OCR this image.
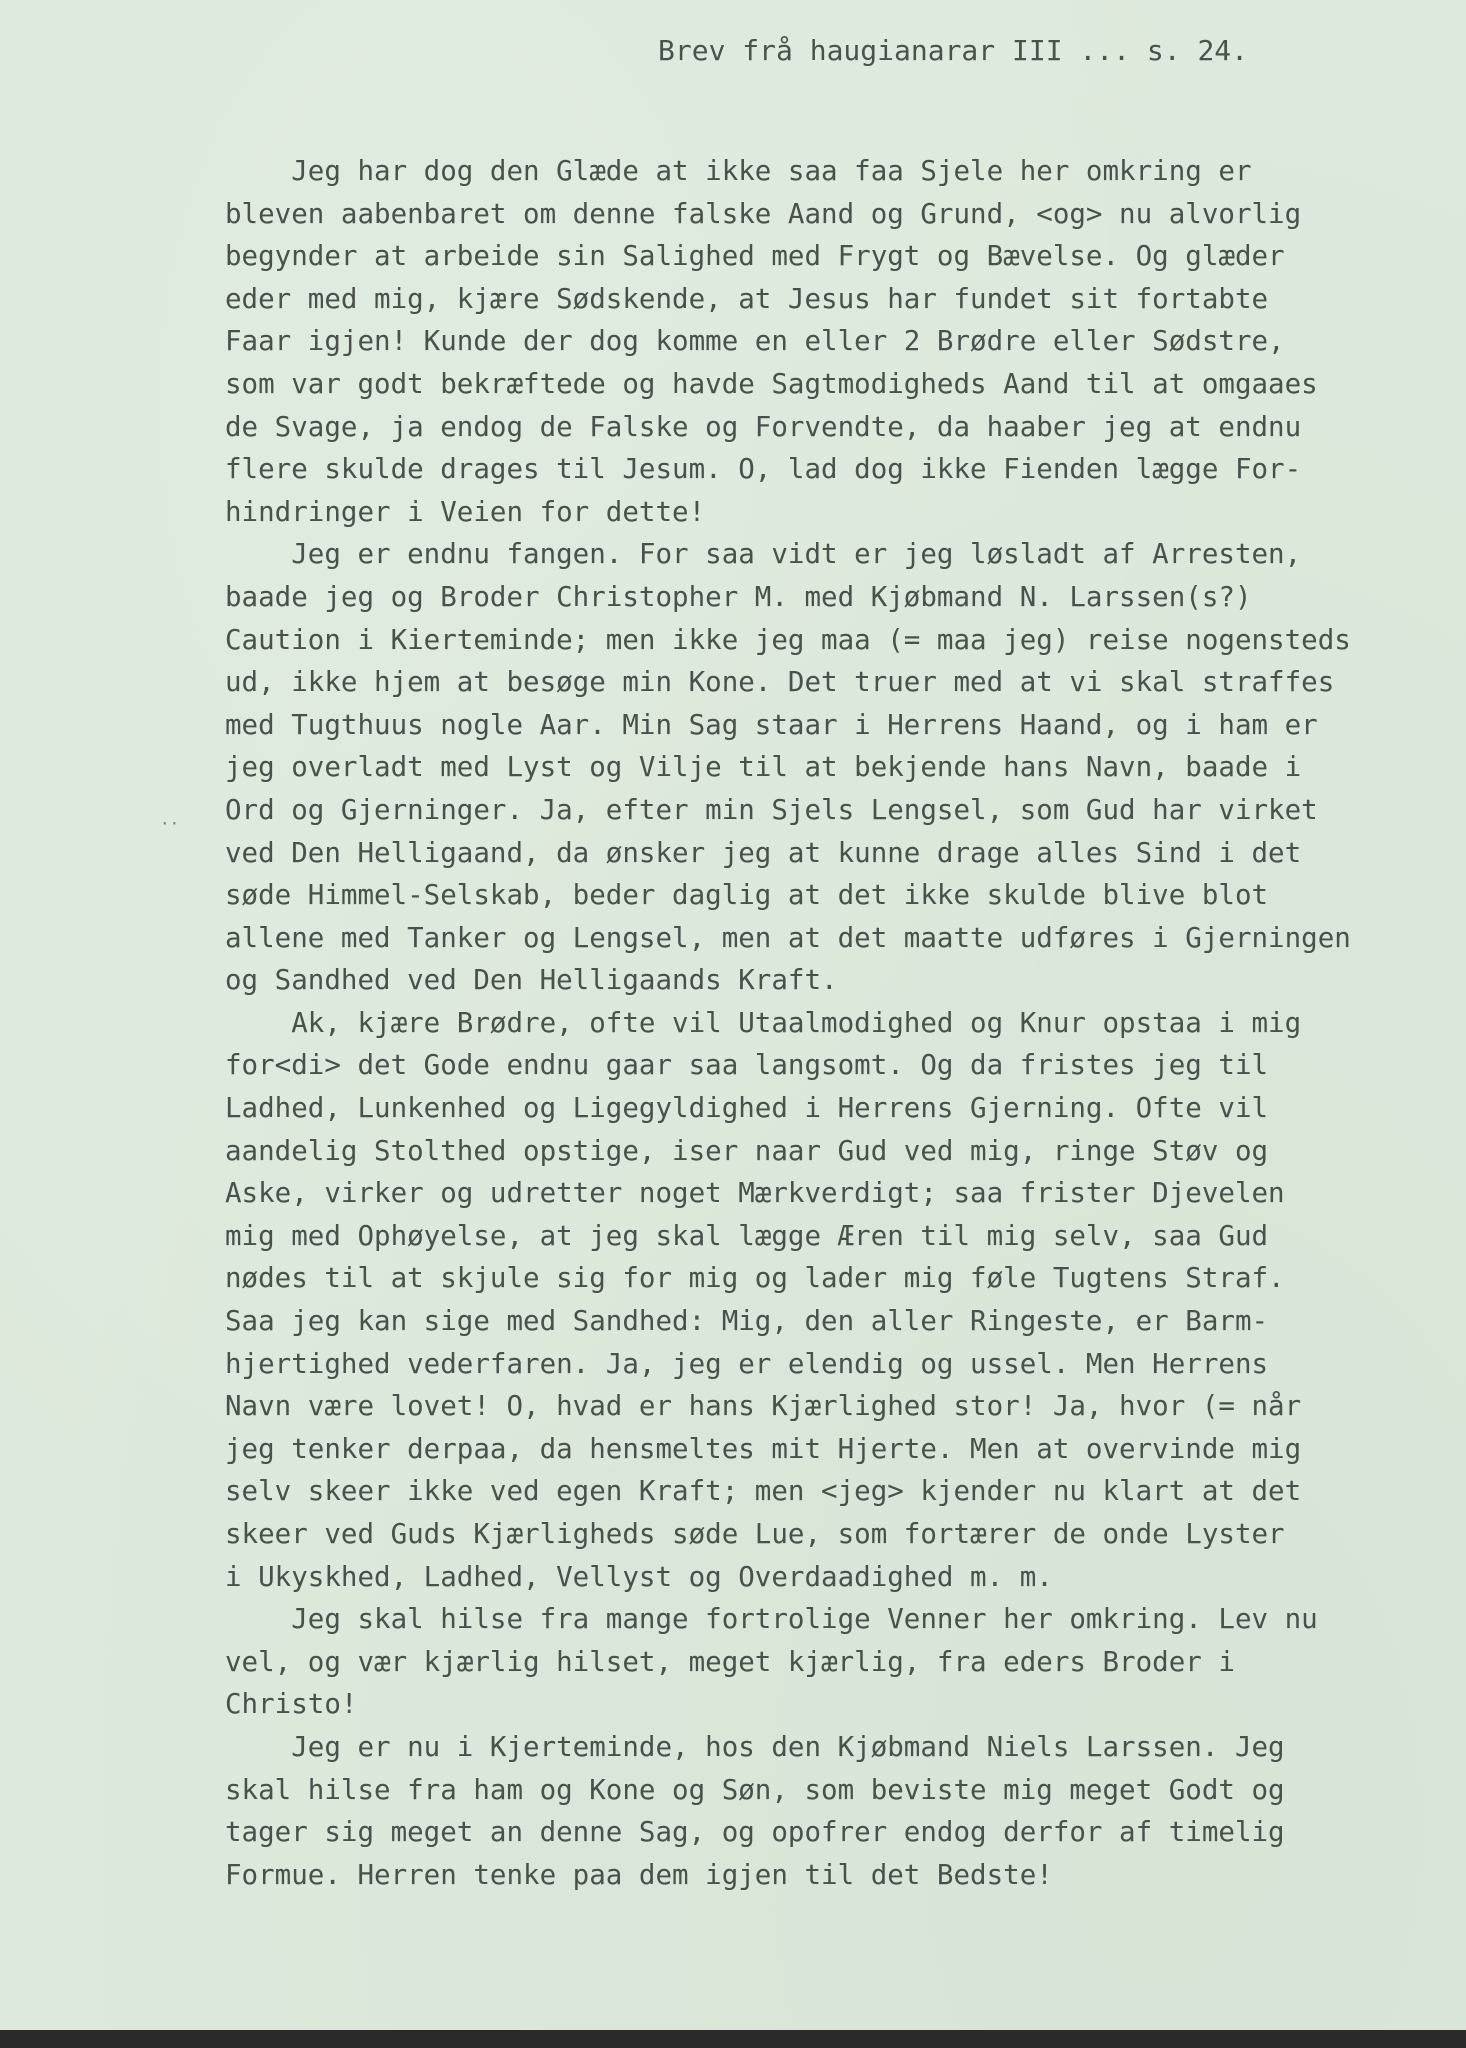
Brev frå haugianarar III ... s. 24.
··
Jeg har dog den Glæde at ikke saa faa Sjele her omkring er
bleven aabenbaret om denne falske Aand og Grund, <og> nu alvorlig
begynder at arbeide sin Salighed med Frygt og Bævelse. Og glæder
eder med mig, kjære Sødskende, at Jesus har fundet sit fortabte
Faar igjen! Kunde der dog komme en eller 2 Brødre eller Sødstre,
som var godt bekræftede og havde Sagtmodigheds Aand til at omgaaes
de Svage, ja endog de Falske og Forvendte, da haaber jeg at endnu
flere skulde drages til Jesum. O, lad dog ikke Fienden lægge For-
hindringer i Veien for dette!
Jeg er endnu fangen. For saa vidt er jeg løsladt af Arresten,
baade jeg og Broder Christopher M. med Kjøbmand N. Larssen(s?)
Caution i Kierteminde; men ikke jeg maa (= maa jeg) reise nogensteds
ud, ikke hjem at besøge min Kone. Det truer med at vi skal straffes
med Tugthuus nogle Aar. Min Sag staar i Herrens Haand, og i ham er
jeg overladt med Lyst og Vilje til at bekjende hans Navn, baade i
Ord og Gjerninger. Ja, efter min Sjels Lengsel, som Gud har virket
ved Den Helligaand, da ønsker jeg at kunne drage alles Sind i det
søde Himmel-Selskab, beder daglig at det ikke skulde blive blot
allene med Tanker og Lengsel, men at det maatte udføres i Gjerningen
og Sandhed ved Den Helligaands Kraft.
Ak, kjære Brødre, ofte vil Utaalmodighed og Knur opstaa i mig
for<di> det Gode endnu gaar saa langsomt. Og da fristes jeg til
Ladhed, Lunkenhed og Ligegyldighed i Herrens Gjerning. Ofte vil
aandelig Stolthed opstige, iser naar Gud ved mig, ringe Støv og
Aske, virker og udretter noget Mærkverdigt; saa frister Djevelen
mig med Ophøyelse, at jeg skal lægge Æren til mig selv, saa Gud
nødes til at skjule sig for mig og lader mig føle Tugtens Straf.
Saa jeg kan sige med Sandhed: Mig, den aller Ringeste, er Barm-
hjertighed vederfaren. Ja, jeg er elendig og ussel. Men Herrens
Navn være lovet! O, hvad er hans Kjærlighed stor! Ja, hvor (= når
jeg tenker derpaa, da hensmeltes mit Hjerte. Men at overvinde mig
selv skeer ikke ved egen Kraft; men <jeg> kjender nu klart at det
skeer ved Guds Kjærligheds søde Lue, som fortærer de onde Lyster
i Ukyskhed, Ladhed, Vellyst og Overdaadighed m. m.
Jeg skal hilse fra mange fortrolige Venner her omkring. Lev nu
vel, og vær kjærlig hilset, meget kjærlig, fra eders Broder i
Christo!
Jeg er nu i Kjerteminde, hos den Kjøbmand Niels Larssen. Jeg
skal hilse fra ham og Kone og Søn, som beviste mig meget Godt og
tager sig meget an denne Sag, og opofrer endog derfor af timelig
Formue. Herren tenke paa dem igjen til det Bedste!
